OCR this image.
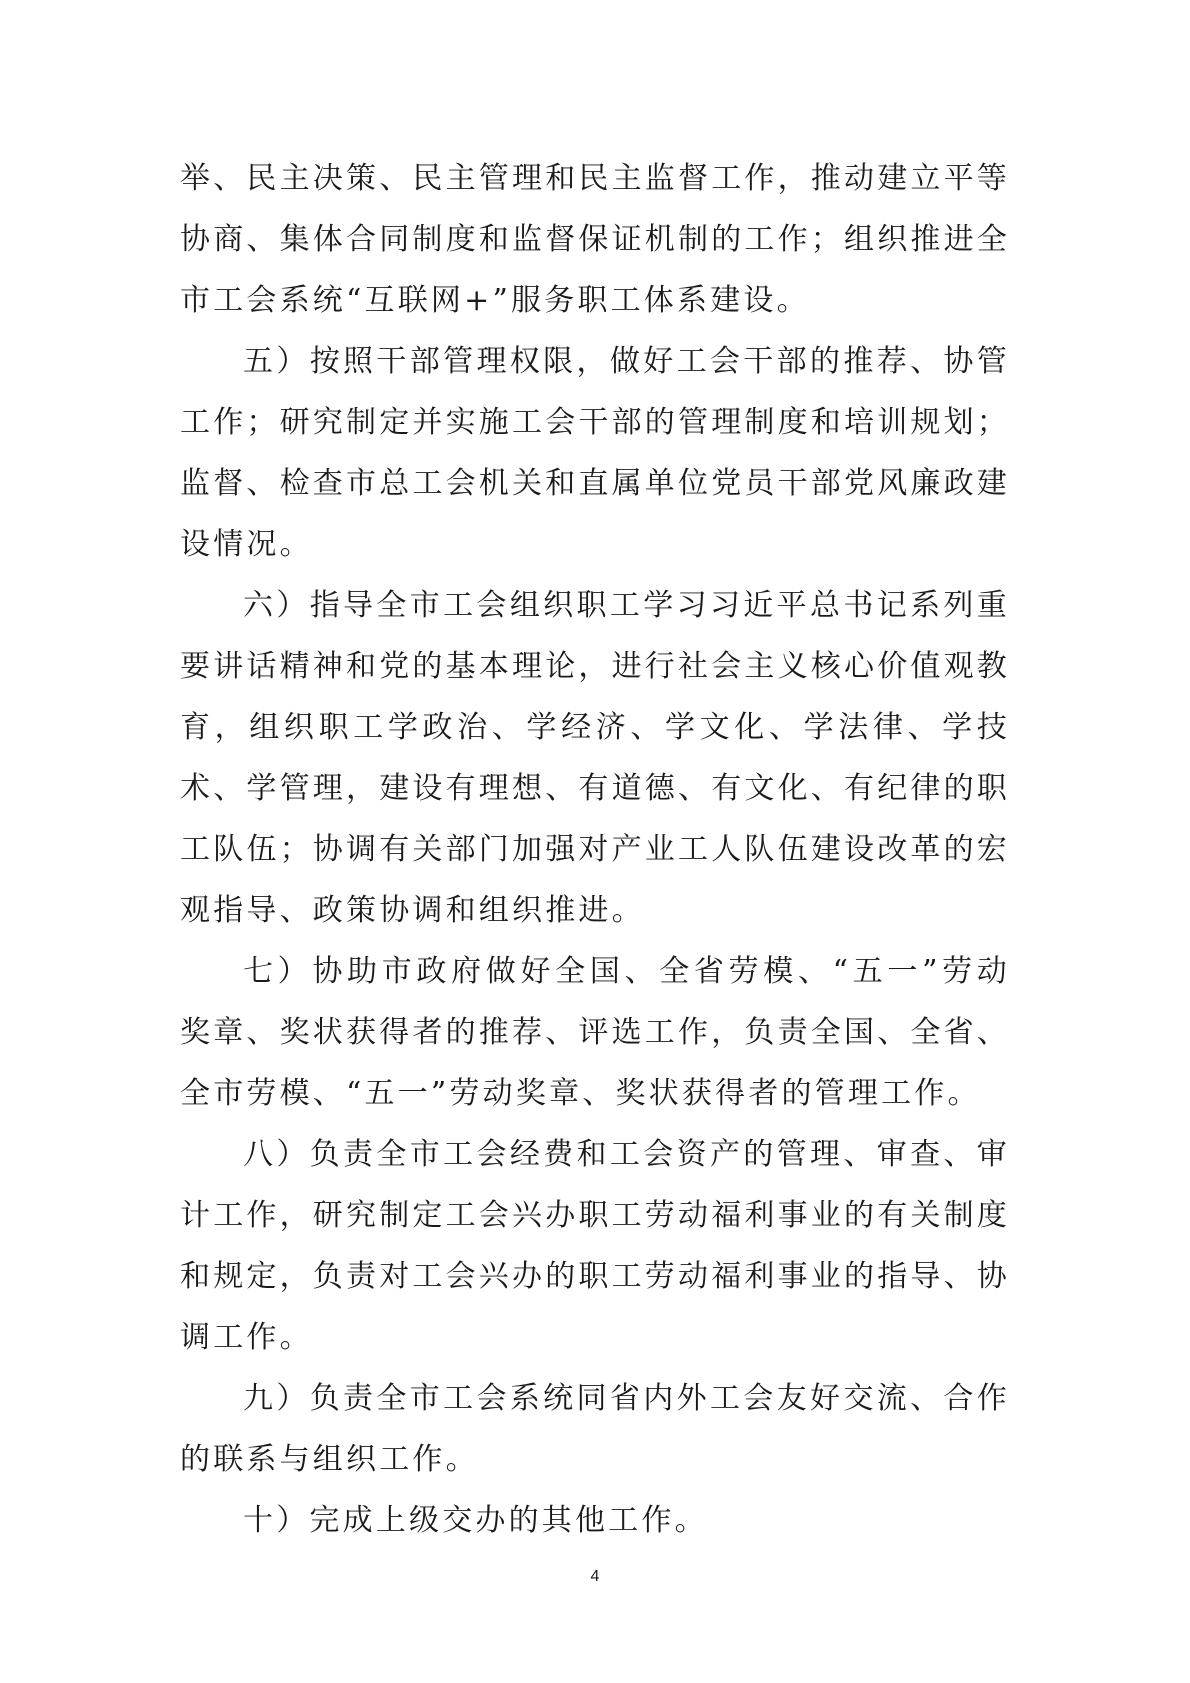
举、民主决策、民主管理和民主监督工作，推动建立平等协商、集体合同制度和监督保证机制的工作；组织推进全市工会系统“互联网+”服务职工体系建设。

五）按照干部管理权限，做好工会干部的推荐、协管工作；研究制定并实施工会干部的管理制度和培训规划；监督、检查市总工会机关和直属单位党员干部党风廉政建设情况。

六）指导全市工会组织职工学习习近平总书记系列重要讲话精神和党的基本理论，进行社会主义核心价值观教育，组织职工学政治、学经济、学文化、学法律、学技术、学管理，建设有理想、有道德、有文化、有纪律的职工队伍；协调有关部门加强对产业工人队伍建设改革的宏观指导、政策协调和组织推进。

七）协助市政府做好全国、全省劳模、“五一”劳动奖章、奖状获得者的推荐、评选工作，负责全国、全省、全市劳模、“五一”劳动奖章、奖状获得者的管理工作。

八）负责全市工会经费和工会资产的管理、审查、审计工作，研究制定工会兴办职工劳动福利事业的有关制度和规定，负责对工会兴办的职工劳动福利事业的指导、协调工作。

九）负责全市工会系统同省内外工会友好交流、合作的联系与组织工作。

十）完成上级交办的其他工作。

4
